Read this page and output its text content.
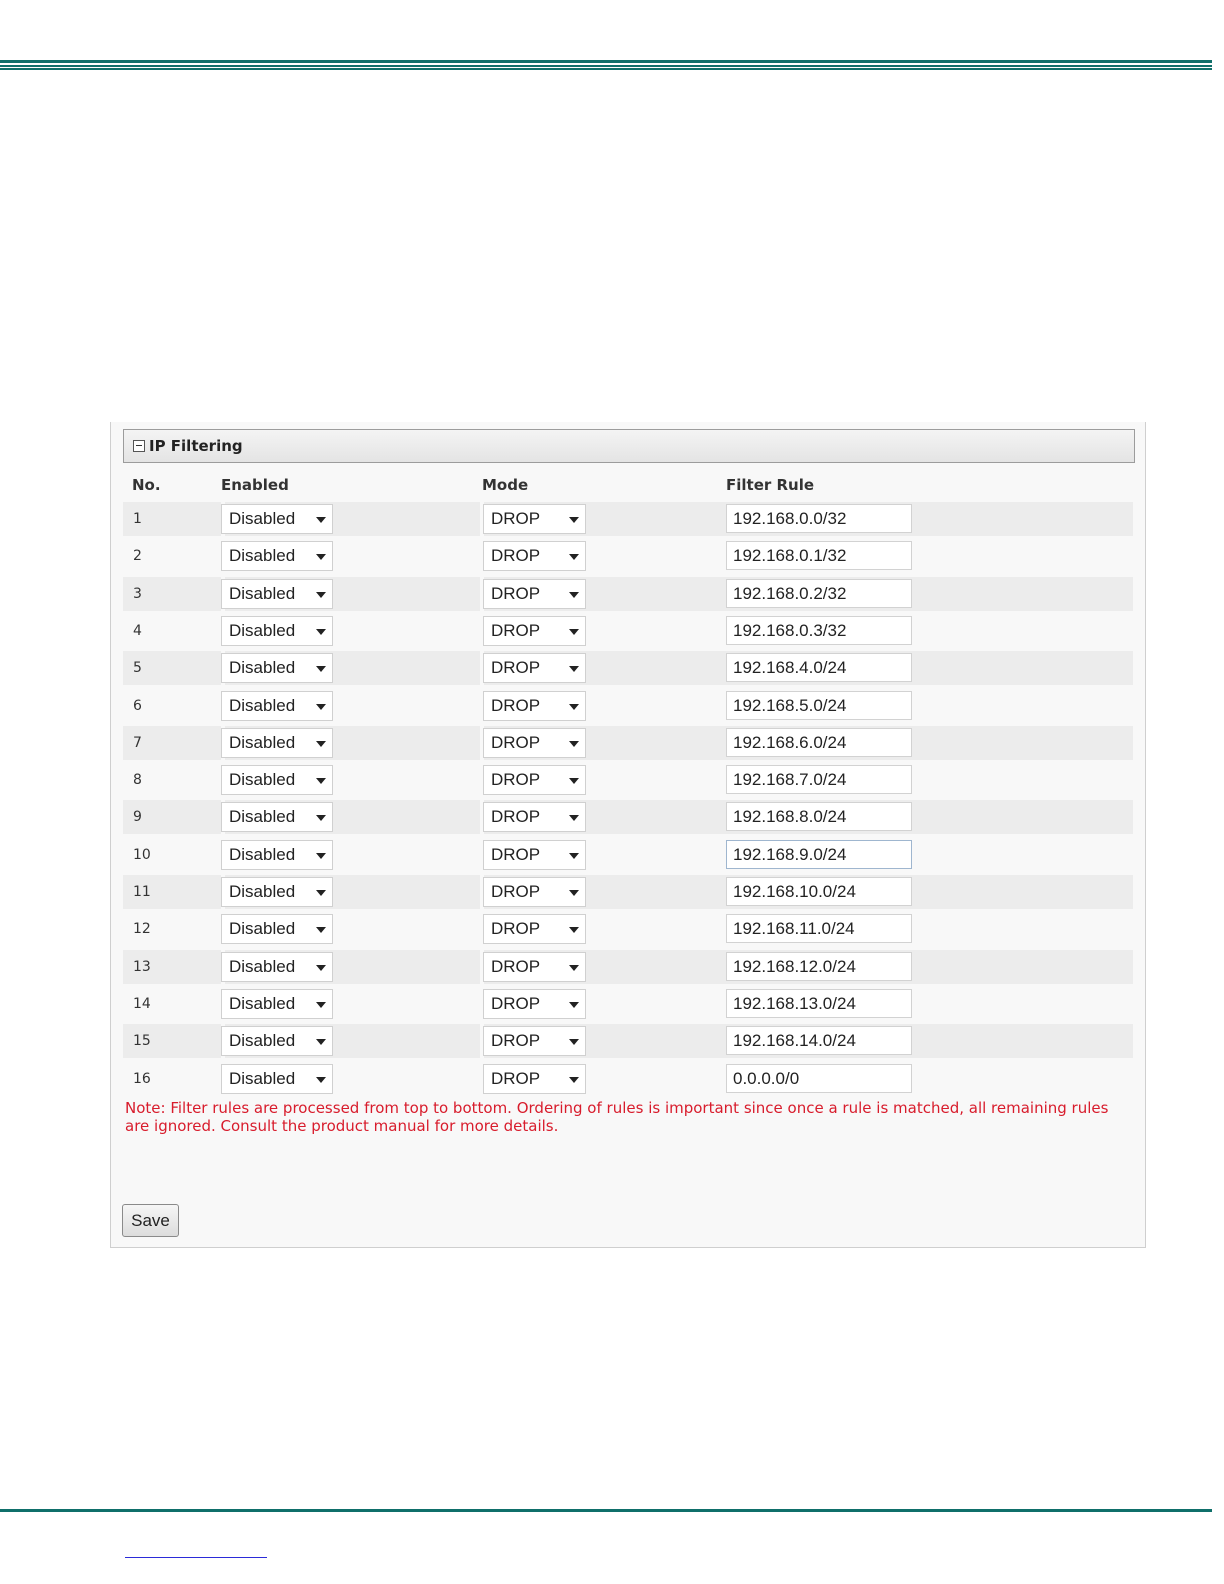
IP Filtering
No.	Enabled	Mode	Filter Rule
1	Disabled	DROP	192.168.0.0/32
2	Disabled	DROP	192.168.0.1/32
3	Disabled	DROP	192.168.0.2/32
4	Disabled	DROP	192.168.0.3/32
5	Disabled	DROP	192.168.4.0/24
6	Disabled	DROP	192.168.5.0/24
7	Disabled	DROP	192.168.6.0/24
8	Disabled	DROP	192.168.7.0/24
9	Disabled	DROP	192.168.8.0/24
10	Disabled	DROP	192.168.9.0/24
11	Disabled	DROP	192.168.10.0/24
12	Disabled	DROP	192.168.11.0/24
13	Disabled	DROP	192.168.12.0/24
14	Disabled	DROP	192.168.13.0/24
15	Disabled	DROP	192.168.14.0/24
16	Disabled	DROP	0.0.0.0/0
Note: Filter rules are processed from top to bottom. Ordering of rules is important since once a rule is matched, all remaining rules are ignored. Consult the product manual for more details.
Save
